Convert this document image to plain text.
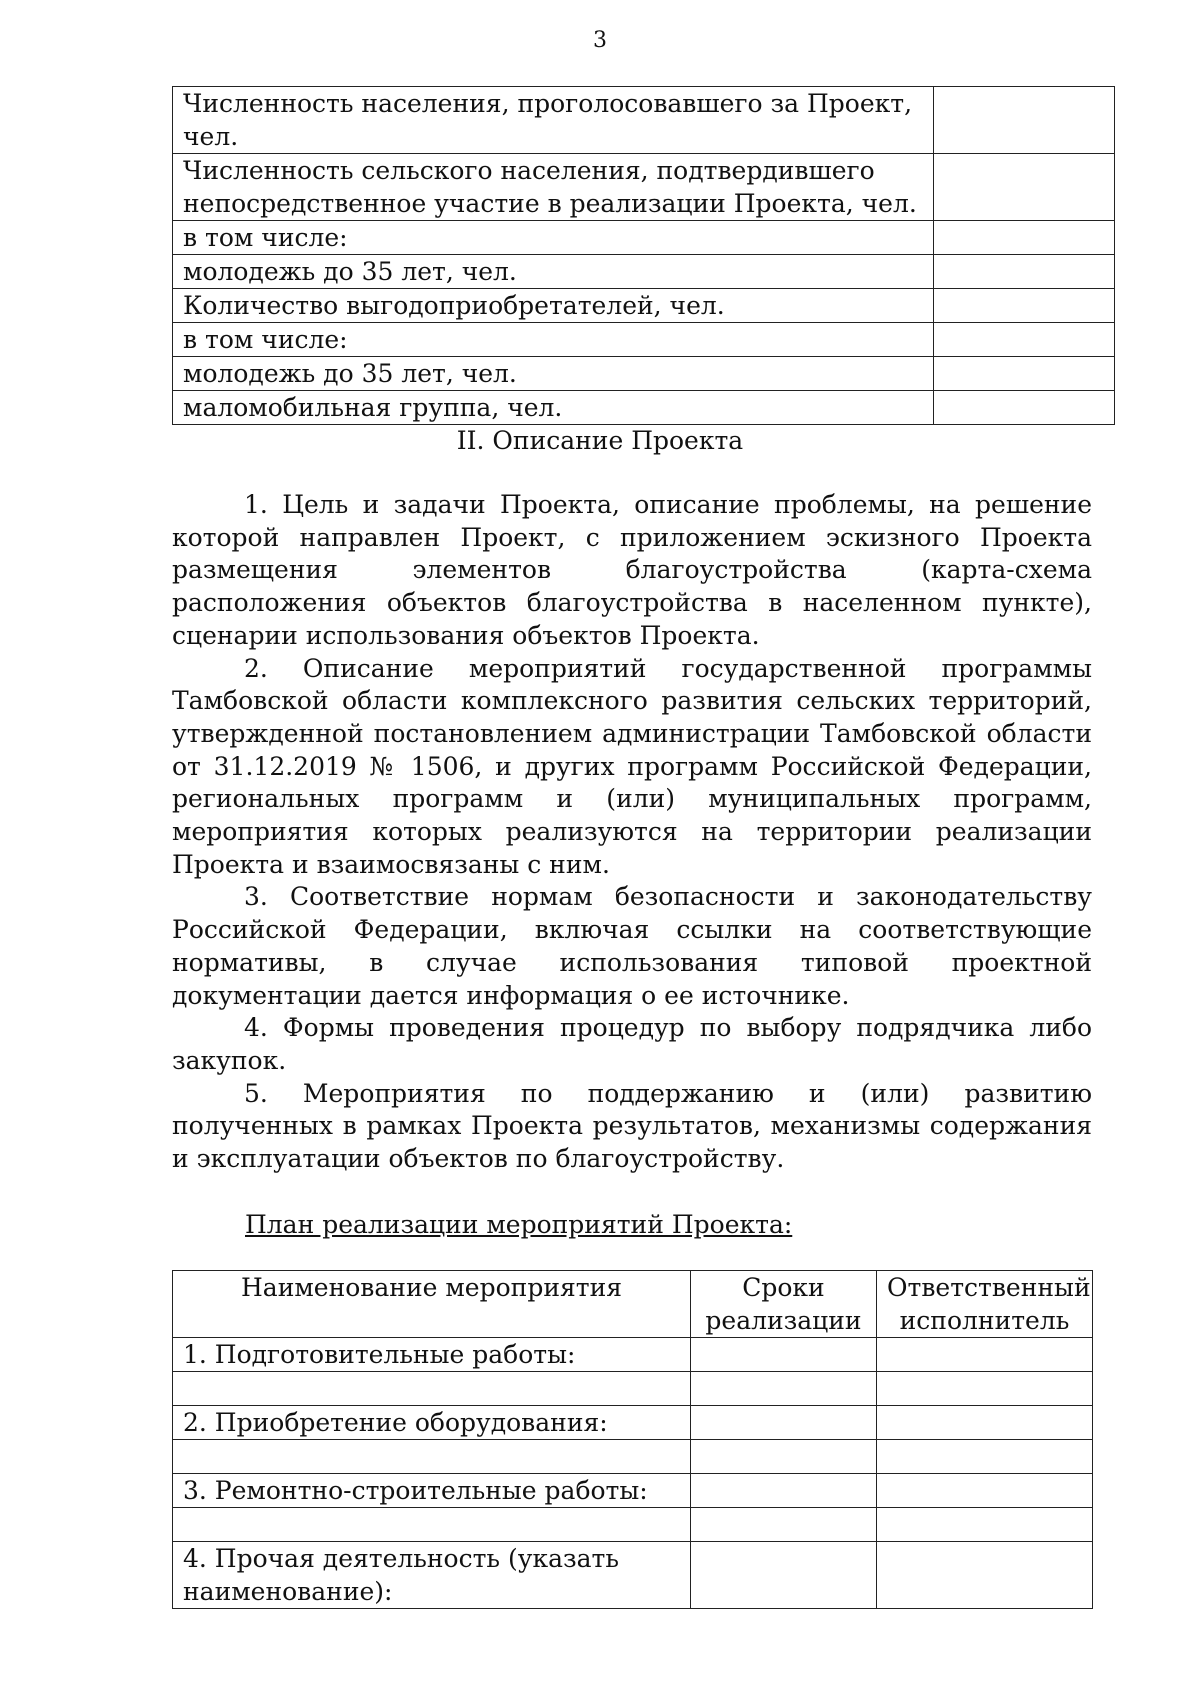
3
Численность населения, проголосовавшего за Проект, чел.	
Численность сельского населения, подтвердившего непосредственное участие в реализации Проекта, чел.	
в том числе:	
молодежь до 35 лет, чел.	
Количество выгодоприобретателей, чел.	
в том числе:	
молодежь до 35 лет, чел.	
маломобильная группа, чел.	
II. Описание Проекта

1. Цель и задачи Проекта, описание проблемы, на решение которой направлен Проект, с приложением эскизного Проекта размещения элементов благоустройства (карта-схема расположения объектов благоустройства в населенном пункте), сценарии использования объектов Проекта.

2. Описание мероприятий государственной программы Тамбовской области комплексного развития сельских территорий, утвержденной постановлением администрации Тамбовской области от 31.12.2019 № 1506, и других программ Российской Федерации, региональных программ и (или) муниципальных программ, мероприятия которых реализуются на территории реализации Проекта и взаимосвязаны с ним.

3. Соответствие нормам безопасности и законодательству Российской Федерации, включая ссылки на соответствующие нормативы, в случае использования типовой проектной документации дается информация о ее источнике.

4. Формы проведения процедур по выбору подрядчика либо закупок.

5. Мероприятия по поддержанию и (или) развитию полученных в рамках Проекта результатов, механизмы содержания и эксплуатации объектов по благоустройству.

План реализации мероприятий Проекта:
Наименование мероприятия	Сроки реализации	Ответственный исполнитель
1. Подготовительные работы:		

2. Приобретение оборудования:		

3. Ремонтно-строительные работы:		

4. Прочая деятельность (указать наименование):		
